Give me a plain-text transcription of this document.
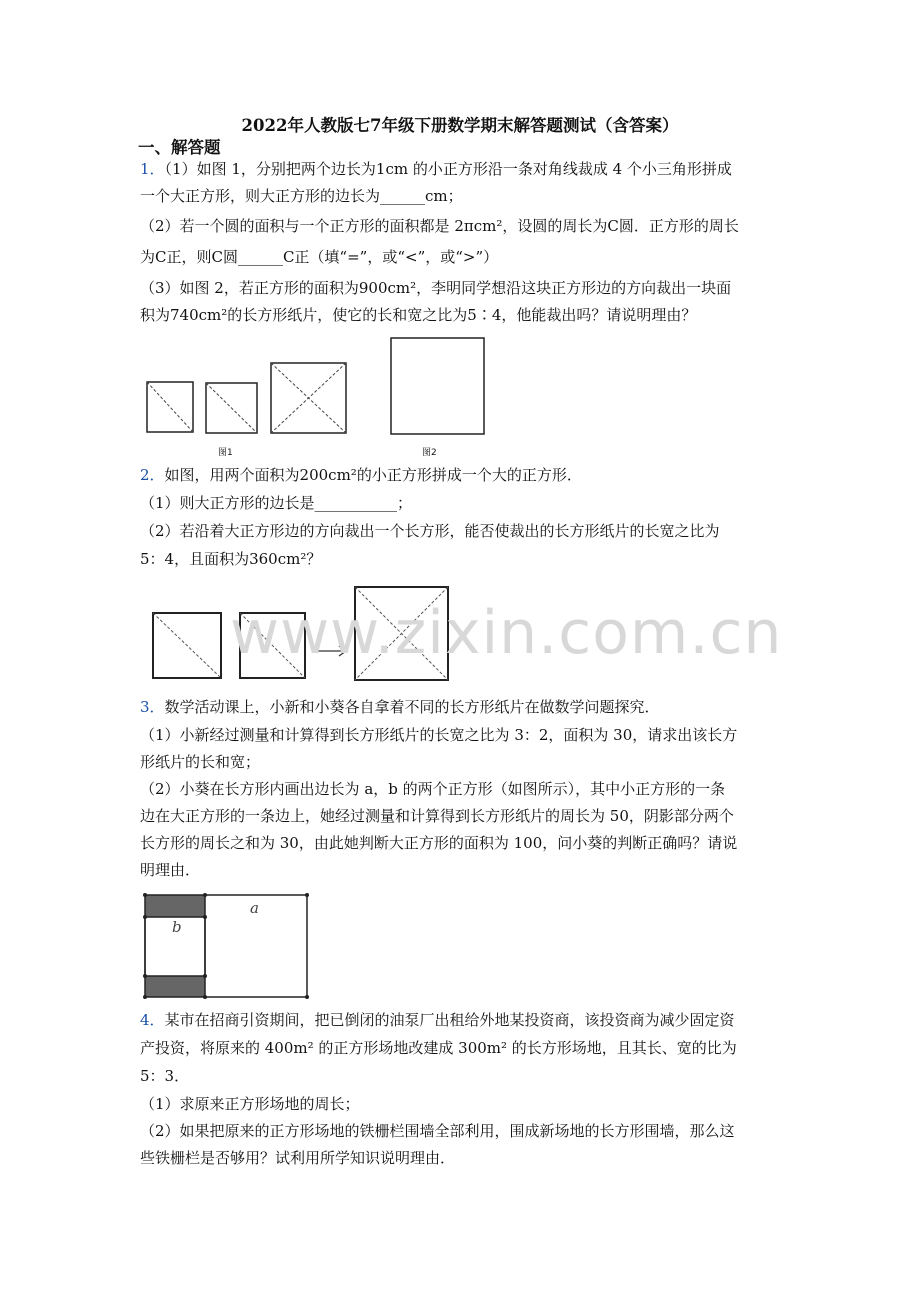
2022年人教版七7年级下册数学期末解答题测试（含答案）
一、解答题
1．（1）如图 1，分别把两个边长为1cm 的小正方形沿一条对角线裁成 4 个小三角形拼成
一个大正方形，则大正方形的边长为______cm；
（2）若一个圆的面积与一个正方形的面积都是 2πcm²，设圆的周长为C圆．正方形的周长
为C正，则C圆______C正（填“=”，或“<”，或“>”）
（3）如图 2，若正方形的面积为900cm²，李明同学想沿这块正方形边的方向裁出一块面
积为740cm²的长方形纸片，使它的长和宽之比为5∶4，他能裁出吗？请说明理由？
图1	图2
2．如图，用两个面积为200cm²的小正方形拼成一个大的正方形．
（1）则大正方形的边长是___________；
（2）若沿着大正方形边的方向裁出一个长方形，能否使裁出的长方形纸片的长宽之比为
5：4，且面积为360cm²？
www.zixin.com.cn
3．数学活动课上，小新和小葵各自拿着不同的长方形纸片在做数学问题探究．
（1）小新经过测量和计算得到长方形纸片的长宽之比为 3：2，面积为 30，请求出该长方
形纸片的长和宽；
（2）小葵在长方形内画出边长为 a，b 的两个正方形（如图所示），其中小正方形的一条
边在大正方形的一条边上，她经过测量和计算得到长方形纸片的周长为 50，阴影部分两个
长方形的周长之和为 30，由此她判断大正方形的面积为 100，问小葵的判断正确吗？请说
明理由．
a
b
4．某市在招商引资期间，把已倒闭的油泵厂出租给外地某投资商，该投资商为减少固定资
产投资，将原来的 400m² 的正方形场地改建成 300m² 的长方形场地，且其长、宽的比为
5：3．
（1）求原来正方形场地的周长；
（2）如果把原来的正方形场地的铁栅栏围墙全部利用，围成新场地的长方形围墙，那么这
些铁栅栏是否够用？试利用所学知识说明理由．
